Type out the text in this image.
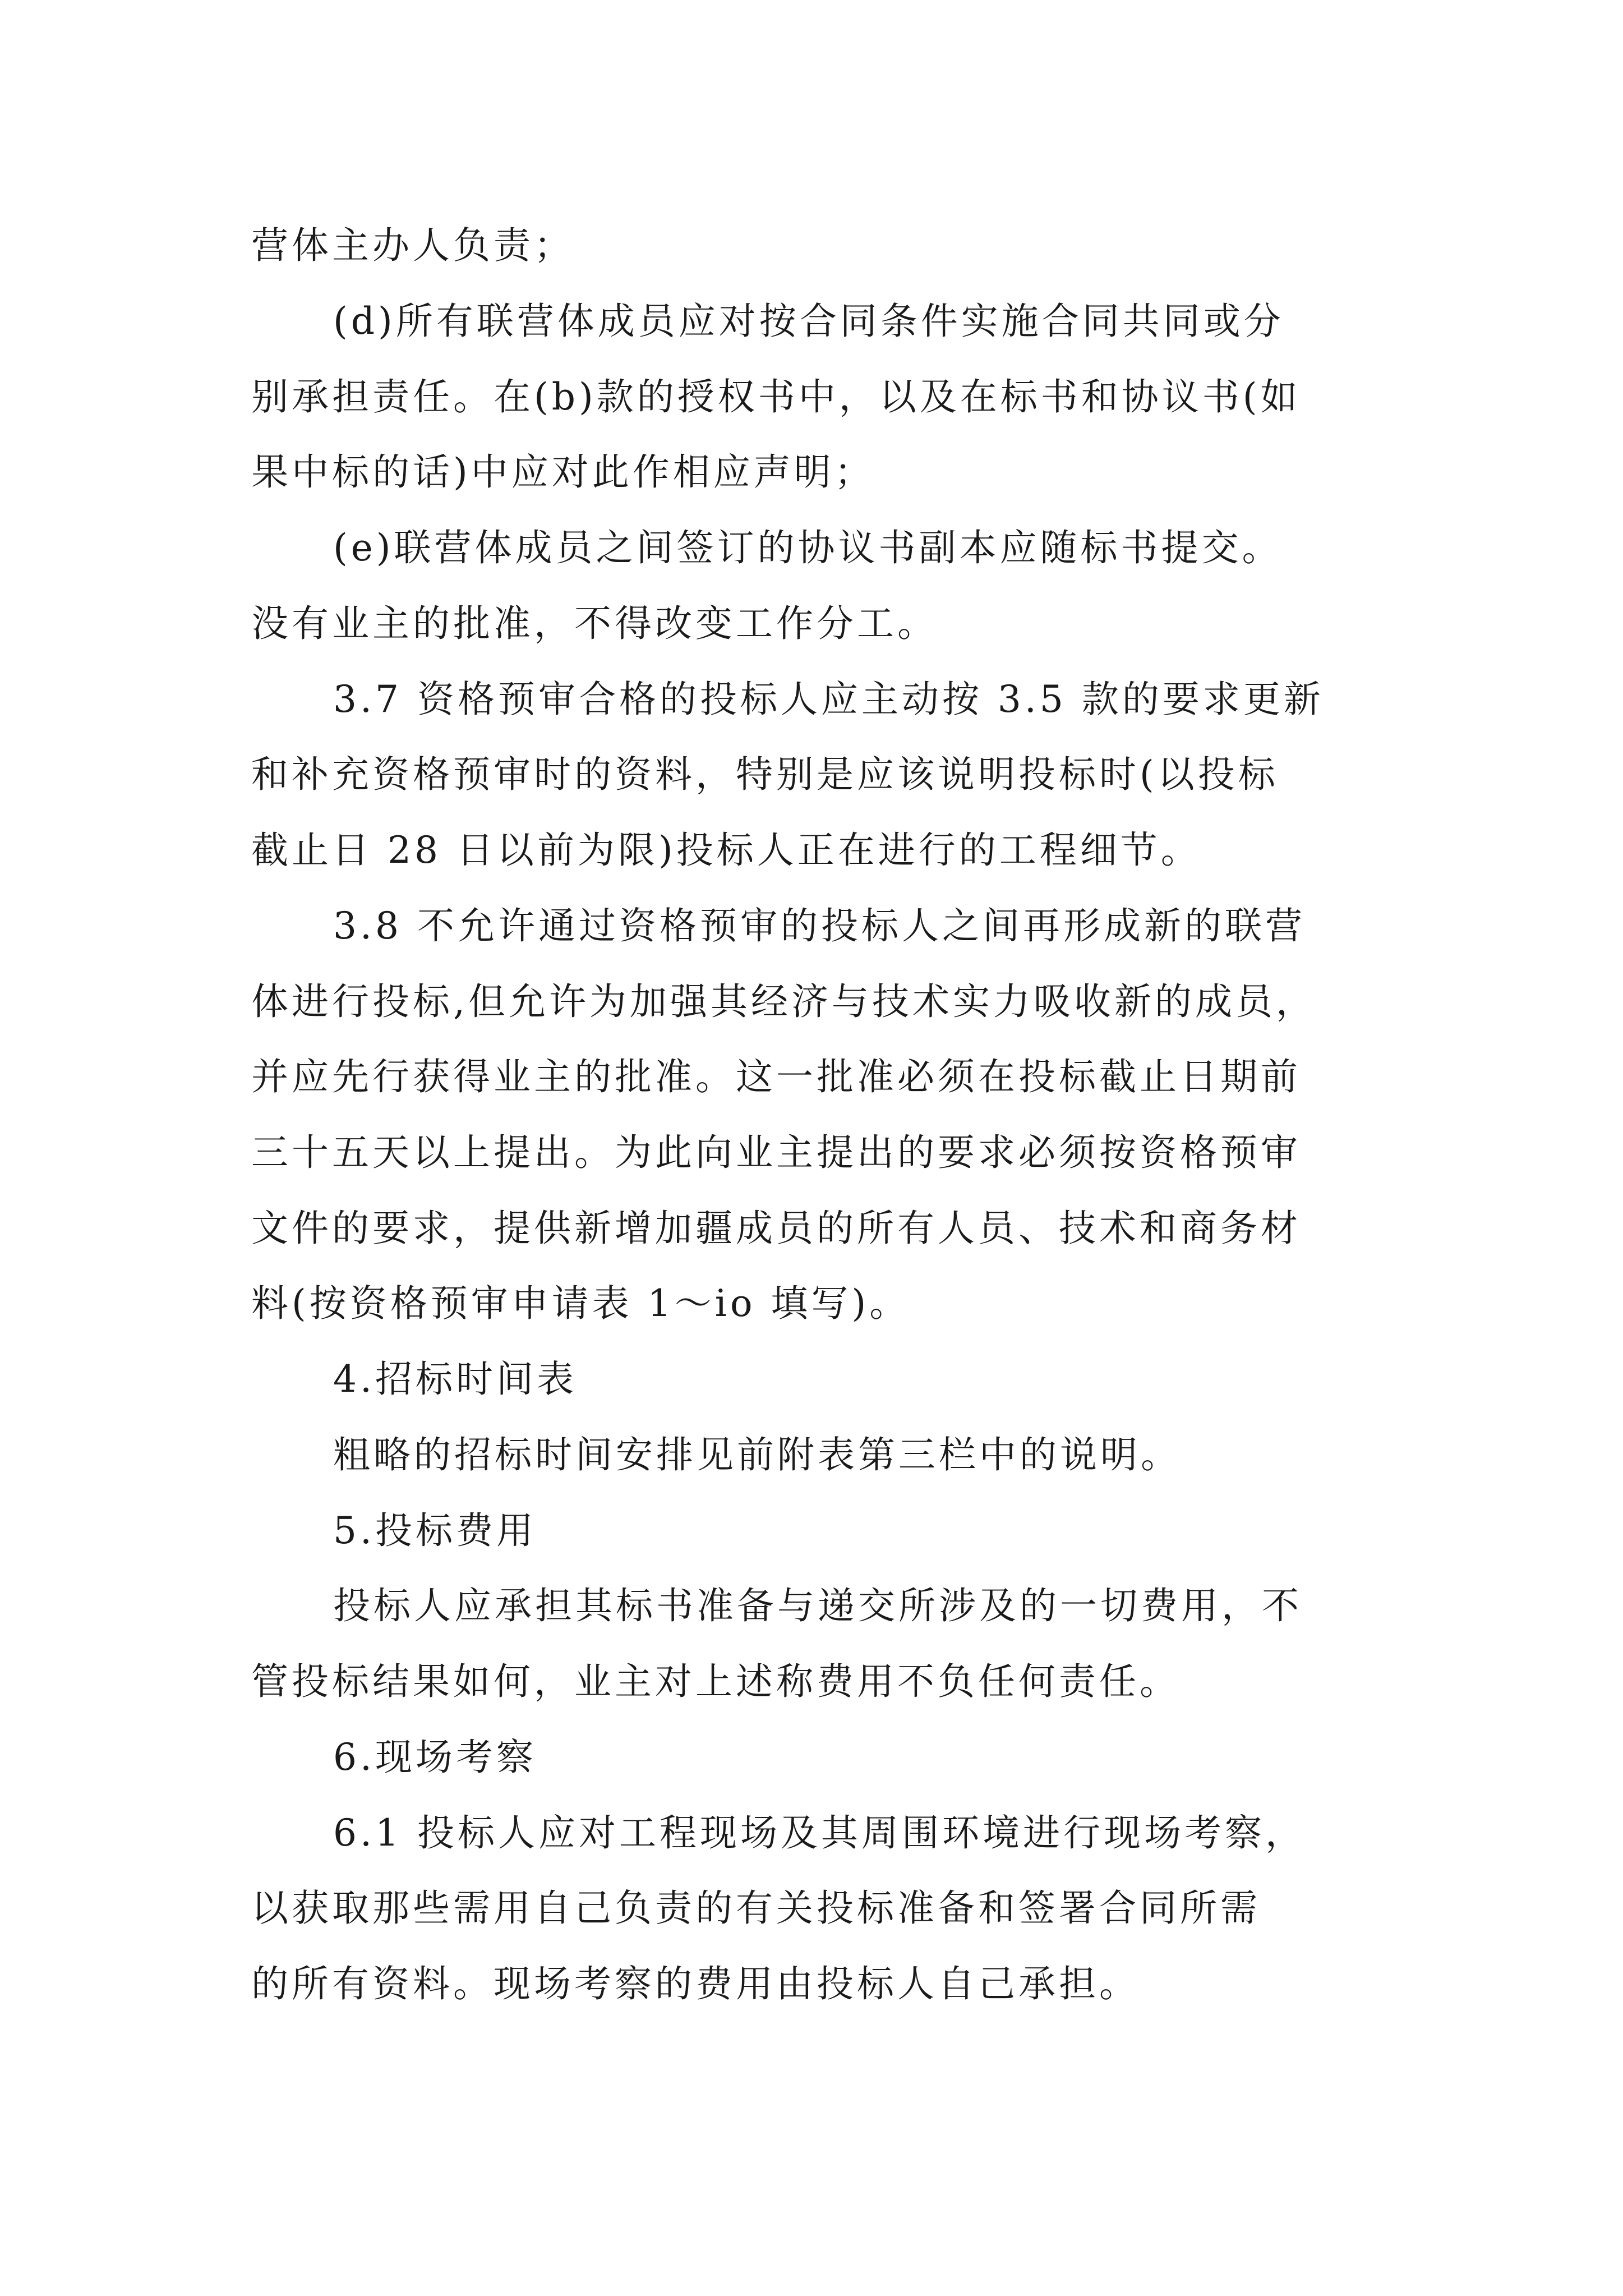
营体主办人负责；
(d)所有联营体成员应对按合同条件实施合同共同或分
别承担责任。在(b)款的授权书中，以及在标书和协议书(如
果中标的话)中应对此作相应声明；
(e)联营体成员之间签订的协议书副本应随标书提交。
没有业主的批准，不得改变工作分工。
3.7 资格预审合格的投标人应主动按 3.5 款的要求更新
和补充资格预审时的资料，特别是应该说明投标时(以投标
截止日 28 日以前为限)投标人正在进行的工程细节。
3.8 不允许通过资格预审的投标人之间再形成新的联营
体进行投标,但允许为加强其经济与技术实力吸收新的成员，
并应先行获得业主的批准。这一批准必须在投标截止日期前
三十五天以上提出。为此向业主提出的要求必须按资格预审
文件的要求，提供新增加疆成员的所有人员、技术和商务材
料(按资格预审申请表 1～io 填写)。
4.招标时间表
粗略的招标时间安排见前附表第三栏中的说明。
5.投标费用
投标人应承担其标书准备与递交所涉及的一切费用，不
管投标结果如何，业主对上述称费用不负任何责任。
6.现场考察
6.1 投标人应对工程现场及其周围环境进行现场考察，
以获取那些需用自己负责的有关投标准备和签署合同所需
的所有资料。现场考察的费用由投标人自己承担。
